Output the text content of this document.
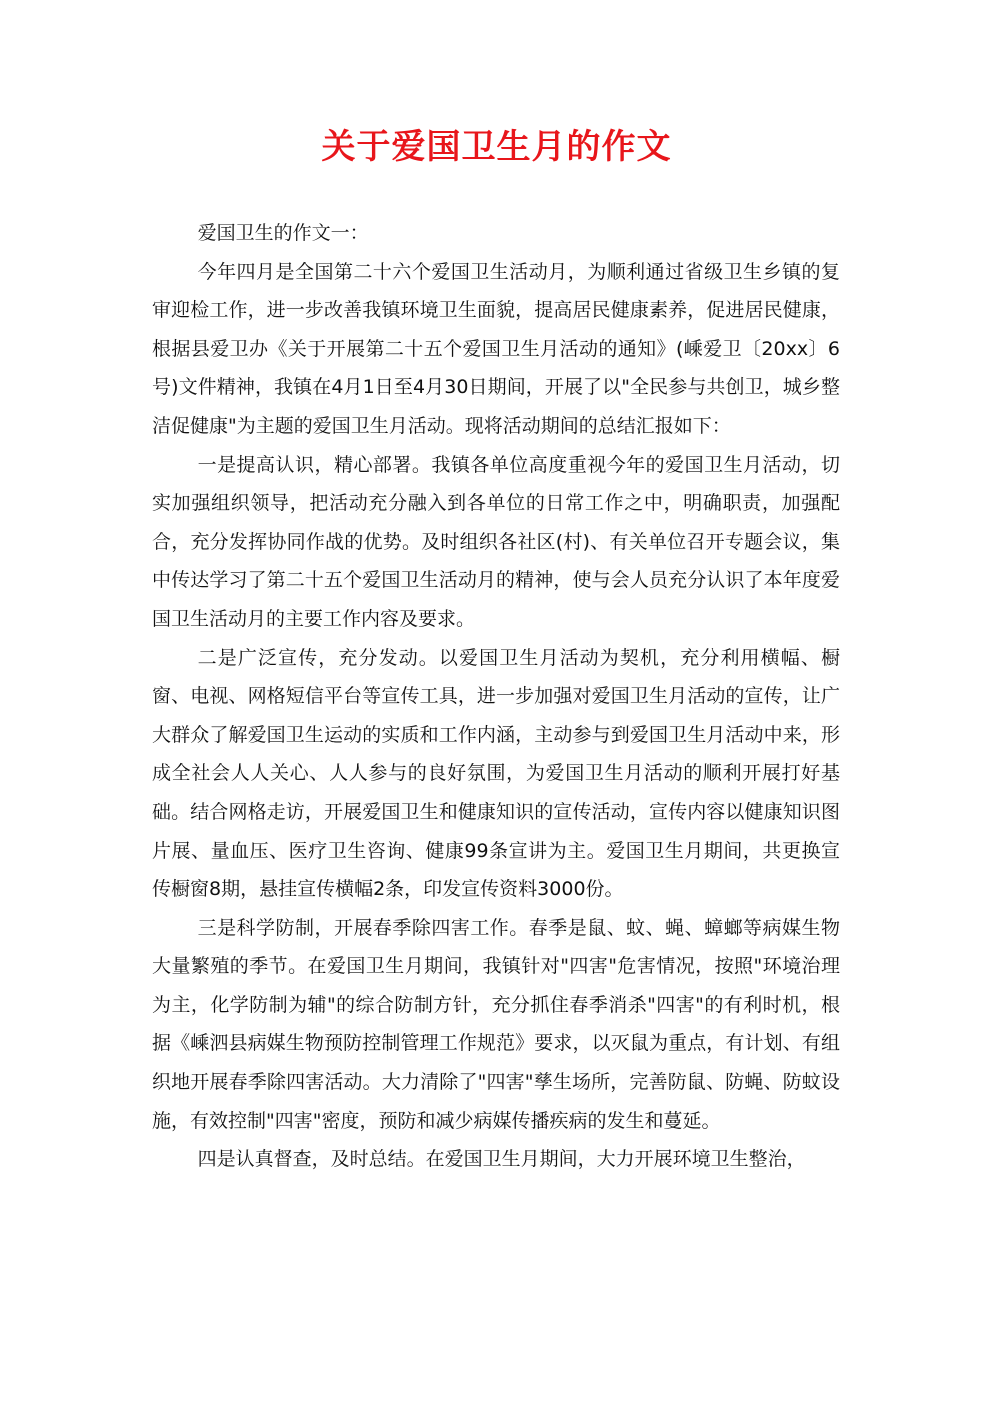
关于爱国卫生月的作文

爱国卫生的作文一：

今年四月是全国第二十六个爱国卫生活动月，为顺利通过省级卫生乡镇的复审迎检工作，进一步改善我镇环境卫生面貌，提高居民健康素养，促进居民健康，根据县爱卫办《关于开展第二十五个爱国卫生月活动的通知》(嵊爱卫〔20xx〕6号)文件精神，我镇在4月1日至4月30日期间，开展了以"全民参与共创卫，城乡整洁促健康"为主题的爱国卫生月活动。现将活动期间的总结汇报如下：

一是提高认识，精心部署。我镇各单位高度重视今年的爱国卫生月活动，切实加强组织领导，把活动充分融入到各单位的日常工作之中，明确职责，加强配合，充分发挥协同作战的优势。及时组织各社区(村)、有关单位召开专题会议，集中传达学习了第二十五个爱国卫生活动月的精神，使与会人员充分认识了本年度爱国卫生活动月的主要工作内容及要求。

二是广泛宣传，充分发动。以爱国卫生月活动为契机，充分利用横幅、橱窗、电视、网格短信平台等宣传工具，进一步加强对爱国卫生月活动的宣传，让广大群众了解爱国卫生运动的实质和工作内涵，主动参与到爱国卫生月活动中来，形成全社会人人关心、人人参与的良好氛围，为爱国卫生月活动的顺利开展打好基础。结合网格走访，开展爱国卫生和健康知识的宣传活动，宣传内容以健康知识图片展、量血压、医疗卫生咨询、健康99条宣讲为主。爱国卫生月期间，共更换宣传橱窗8期，悬挂宣传横幅2条，印发宣传资料3000份。

三是科学防制，开展春季除四害工作。春季是鼠、蚊、蝇、蟑螂等病媒生物大量繁殖的季节。在爱国卫生月期间，我镇针对"四害"危害情况，按照"环境治理为主，化学防制为辅"的综合防制方针，充分抓住春季消杀"四害"的有利时机，根据《嵊泗县病媒生物预防控制管理工作规范》要求，以灭鼠为重点，有计划、有组织地开展春季除四害活动。大力清除了"四害"孳生场所，完善防鼠、防蝇、防蚊设施，有效控制"四害"密度，预防和减少病媒传播疾病的发生和蔓延。

四是认真督查，及时总结。在爱国卫生月期间，大力开展环境卫生整治，
